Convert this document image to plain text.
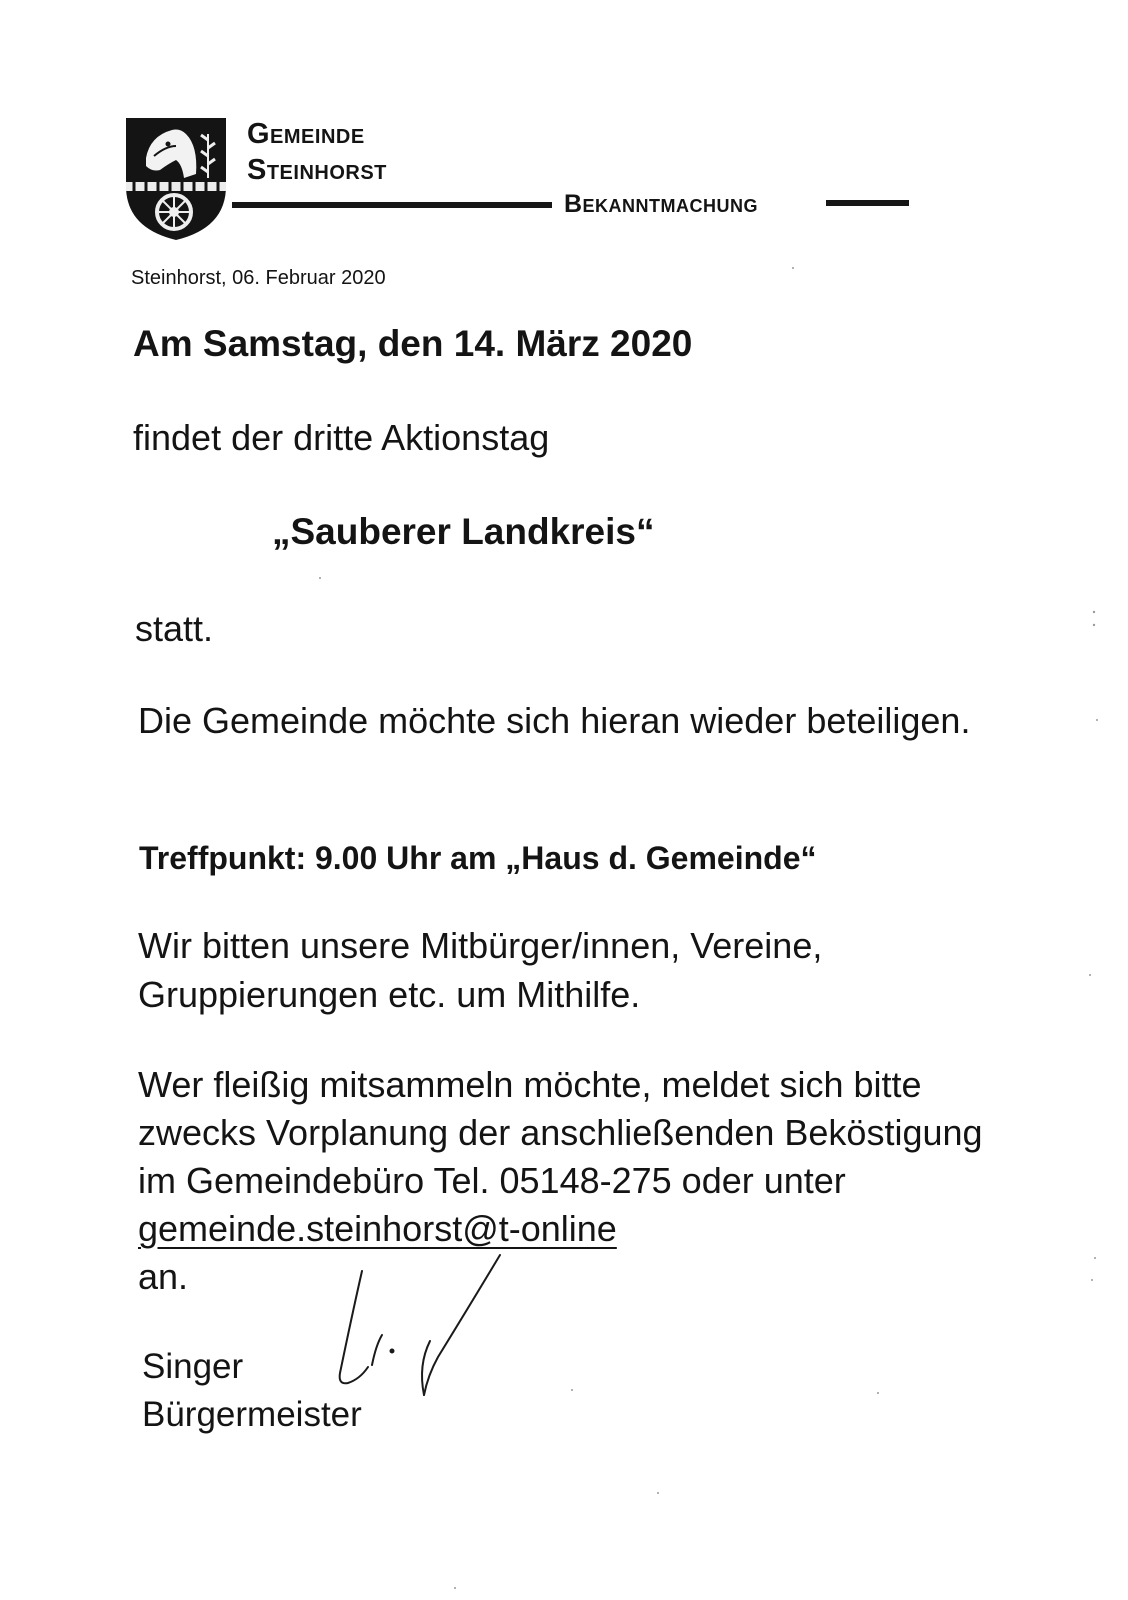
Gemeinde
Steinhorst
Bekanntmachung
Steinhorst, 06. Februar 2020
Am Samstag, den 14. März 2020
findet der dritte Aktionstag
„Sauberer Landkreis“
statt.
Die Gemeinde möchte sich hieran wieder beteiligen.
Treffpunkt: 9.00 Uhr am „Haus d. Gemeinde“
Wir bitten unsere Mitbürger/innen, Vereine, Gruppierungen etc. um Mithilfe.
Wer fleißig mitsammeln möchte, meldet sich bitte zwecks Vorplanung der anschließenden Beköstigung im Gemeindebüro Tel. 05148-275 oder unter gemeinde.steinhorst@t-online
an.
Singer
Bürgermeister
